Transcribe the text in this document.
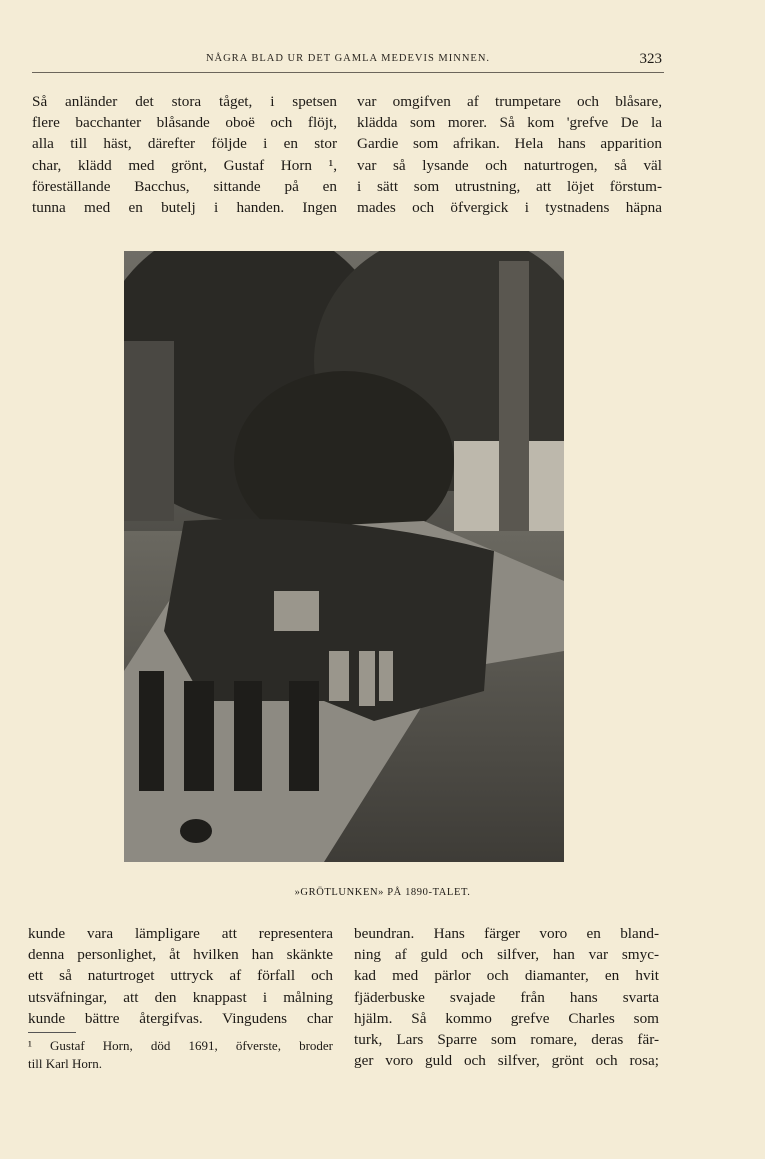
NÅGRA BLAD UR DET GAMLA MEDEVIS MINNEN.	323
Så anländer det stora tåget, i spetsen
flere bacchanter blåsande oboë och flöjt,
alla till häst, därefter följde i en stor
char, klädd med grönt, Gustaf Horn ¹,
föreställande Bacchus, sittande på en
tunna med en butelj i handen. Ingen
var omgifven af trumpetare och blåsare,
klädda som morer. Så kom 'grefve De la
Gardie som afrikan. Hela hans apparition
var så lysande och naturtrogen, så väl
i sätt som utrustning, att löjet förstum-
mades och öfvergick i tystnadens häpna
»GRÖTLUNKEN» PÅ 1890-TALET.
kunde vara lämpligare att representera
denna personlighet, åt hvilken han skänkte
ett så naturtroget uttryck af förfall och
utsväfningar, att den knappast i målning
kunde bättre återgifvas. Vingudens char
beundran. Hans färger voro en bland-
ning af guld och silfver, han var smyc-
kad med pärlor och diamanter, en hvit
fjäderbuske svajade från hans svarta
hjälm. Så kommo grefve Charles som
turk, Lars Sparre som romare, deras fär-
ger voro guld och silfver, grönt och rosa;
¹ Gustaf Horn, död 1691, öfverste, broder
till Karl Horn.
